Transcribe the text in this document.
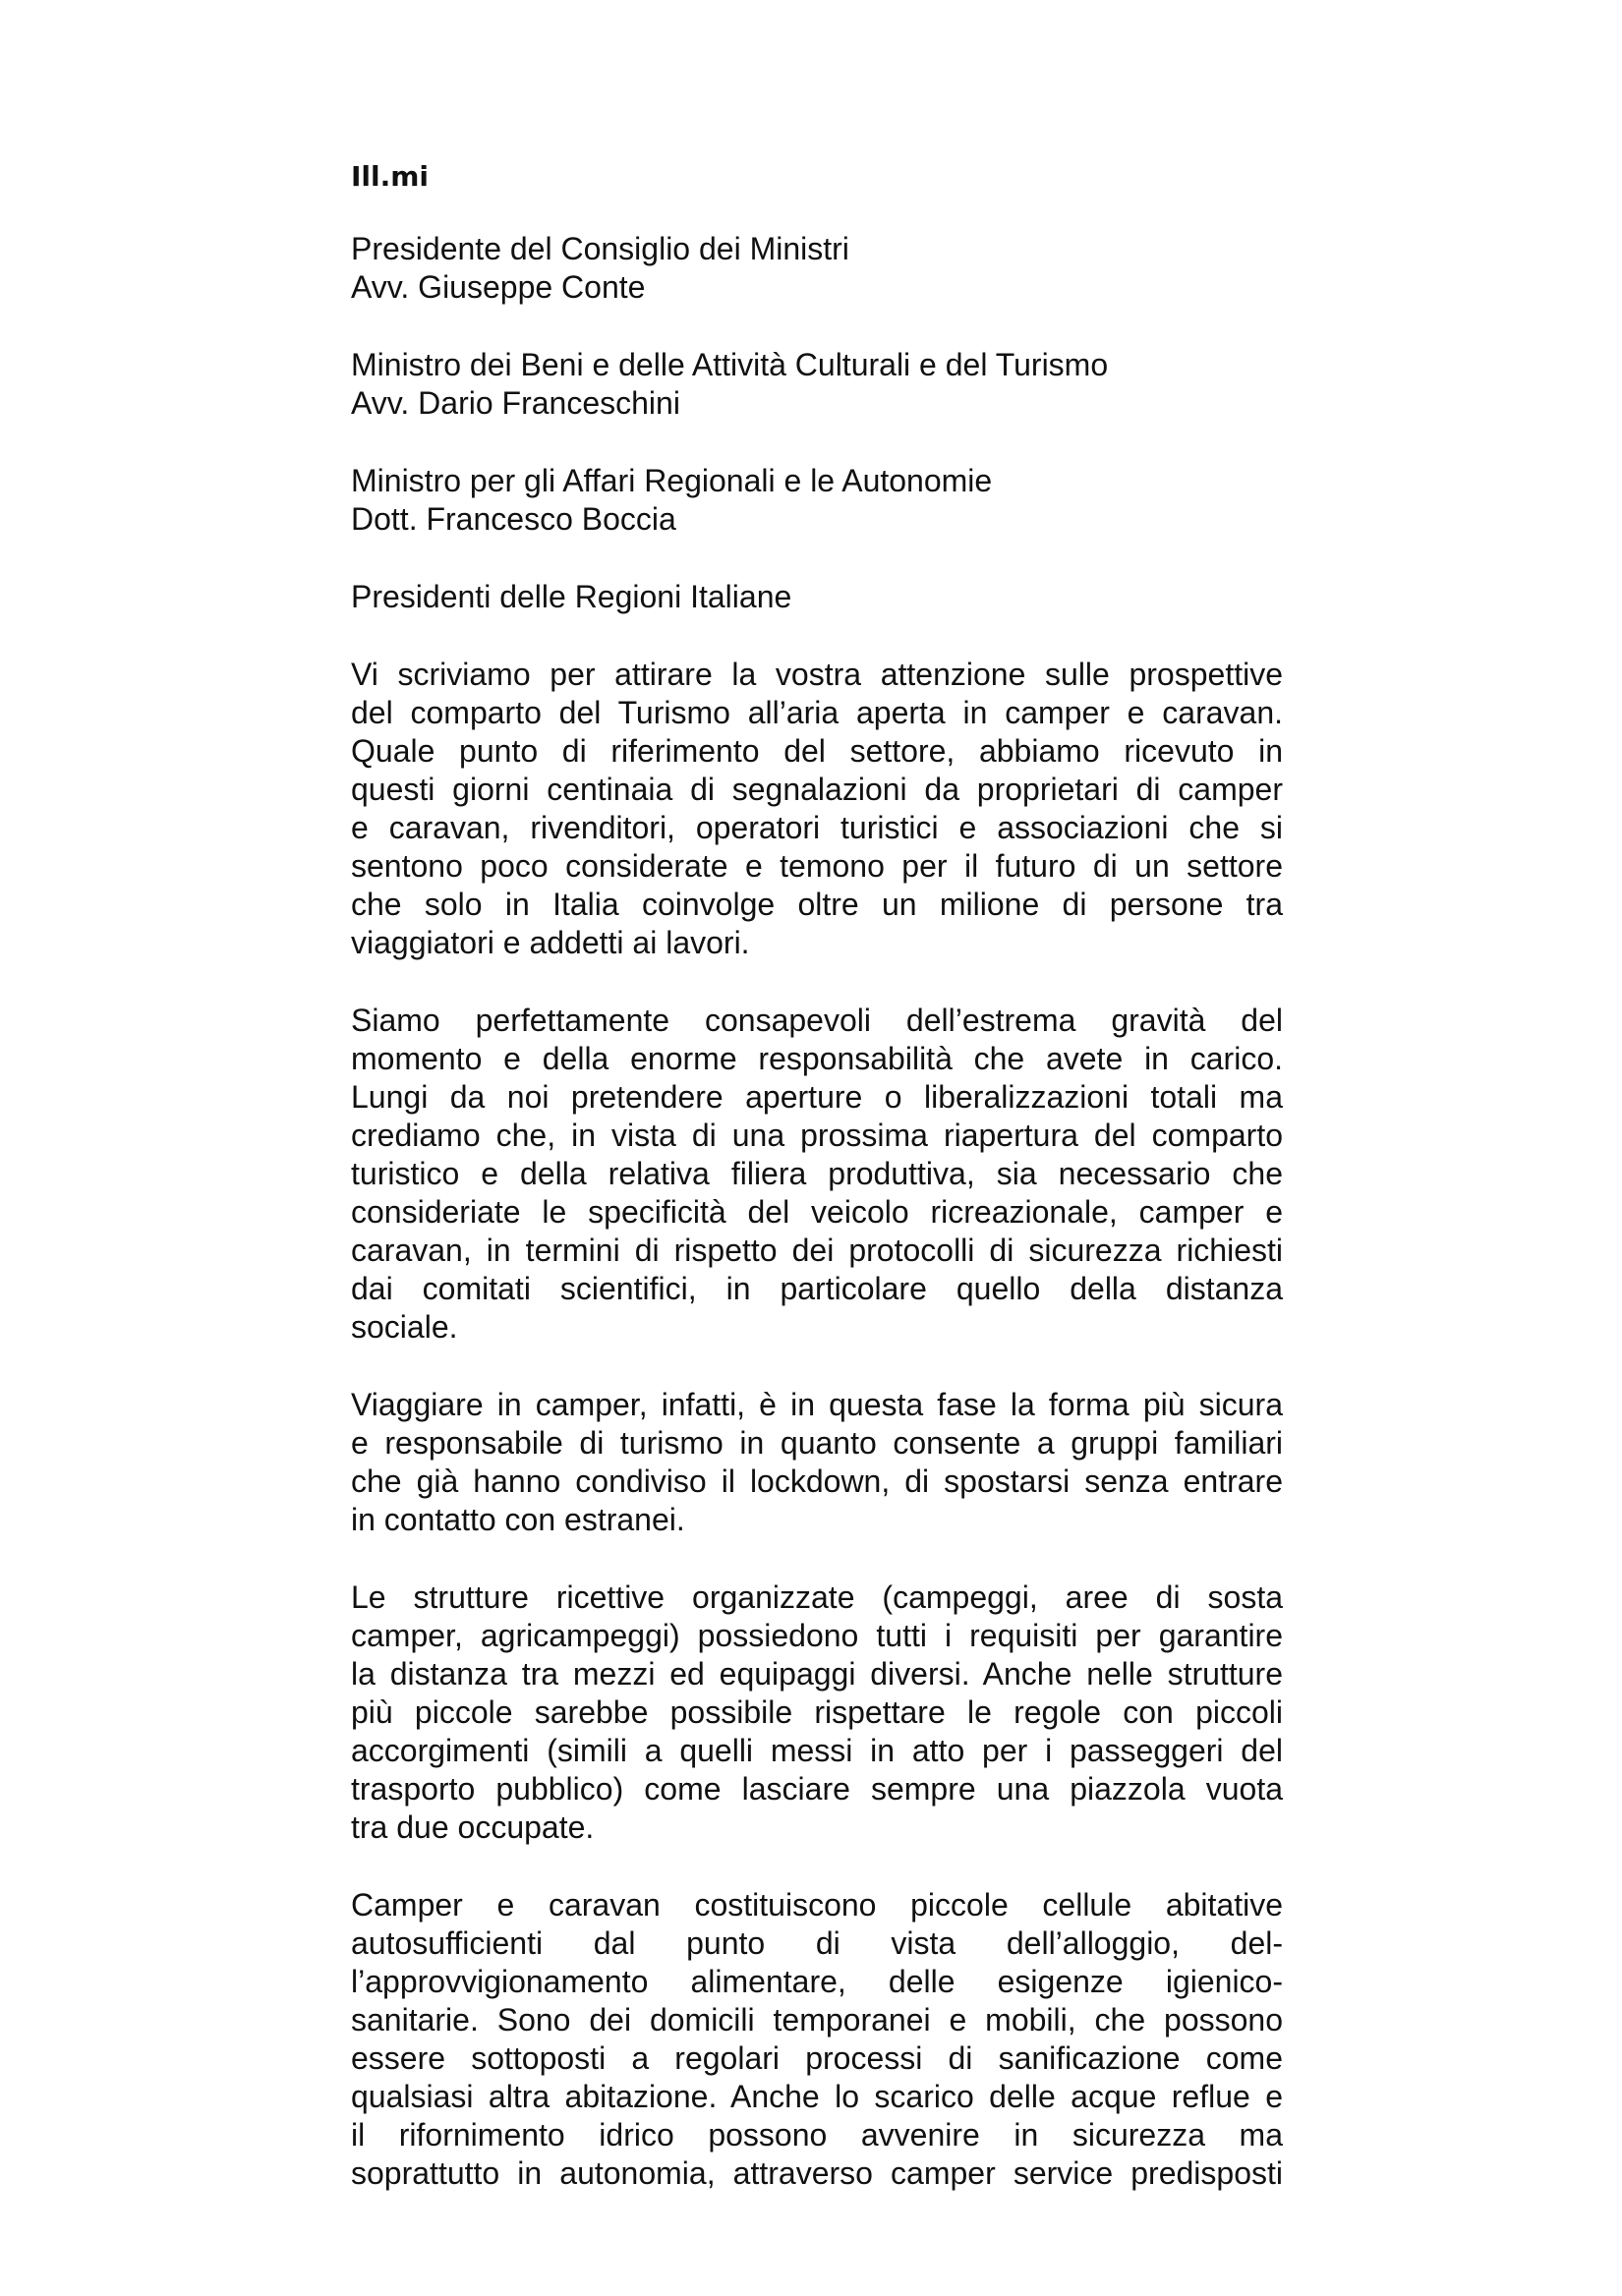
Ill.mi
Presidente del Consiglio dei Ministri
Avv. Giuseppe Conte
Ministro dei Beni e delle Attività Culturali e del Turismo
Avv. Dario Franceschini
Ministro per gli Affari Regionali e le Autonomie
Dott. Francesco Boccia
Presidenti delle Regioni Italiane
Vi scriviamo per attirare la vostra attenzione sulle prospettive
del comparto del Turismo all’aria aperta in camper e caravan.
Quale punto di riferimento del settore, abbiamo ricevuto in
questi giorni centinaia di segnalazioni da proprietari di camper
e caravan, rivenditori, operatori turistici e associazioni che si
sentono poco considerate e temono per il futuro di un settore
che solo in Italia coinvolge oltre un milione di persone tra
viaggiatori e addetti ai lavori.
Siamo perfettamente consapevoli dell’estrema gravità del
momento e della enorme responsabilità che avete in carico.
Lungi da noi pretendere aperture o liberalizzazioni totali ma
crediamo che, in vista di una prossima riapertura del comparto
turistico e della relativa filiera produttiva, sia necessario che
consideriate le specificità del veicolo ricreazionale, camper e
caravan, in termini di rispetto dei protocolli di sicurezza richiesti
dai comitati scientifici, in particolare quello della distanza
sociale.
Viaggiare in camper, infatti, è in questa fase la forma più sicura
e responsabile di turismo in quanto consente a gruppi familiari
che già hanno condiviso il lockdown, di spostarsi senza entrare
in contatto con estranei.
Le strutture ricettive organizzate (campeggi, aree di sosta
camper, agricampeggi) possiedono tutti i requisiti per garantire
la distanza tra mezzi ed equipaggi diversi. Anche nelle strutture
più piccole sarebbe possibile rispettare le regole con piccoli
accorgimenti (simili a quelli messi in atto per i passeggeri del
trasporto pubblico) come lasciare sempre una piazzola vuota
tra due occupate.
Camper e caravan costituiscono piccole cellule abitative
autosufficienti dal punto di vista dell’alloggio, del-
l’approvvigionamento alimentare, delle esigenze igienico-
sanitarie. Sono dei domicili temporanei e mobili, che possono
essere sottoposti a regolari processi di sanificazione come
qualsiasi altra abitazione. Anche lo scarico delle acque reflue e
il rifornimento idrico possono avvenire in sicurezza ma
soprattutto in autonomia, attraverso camper service predisposti
